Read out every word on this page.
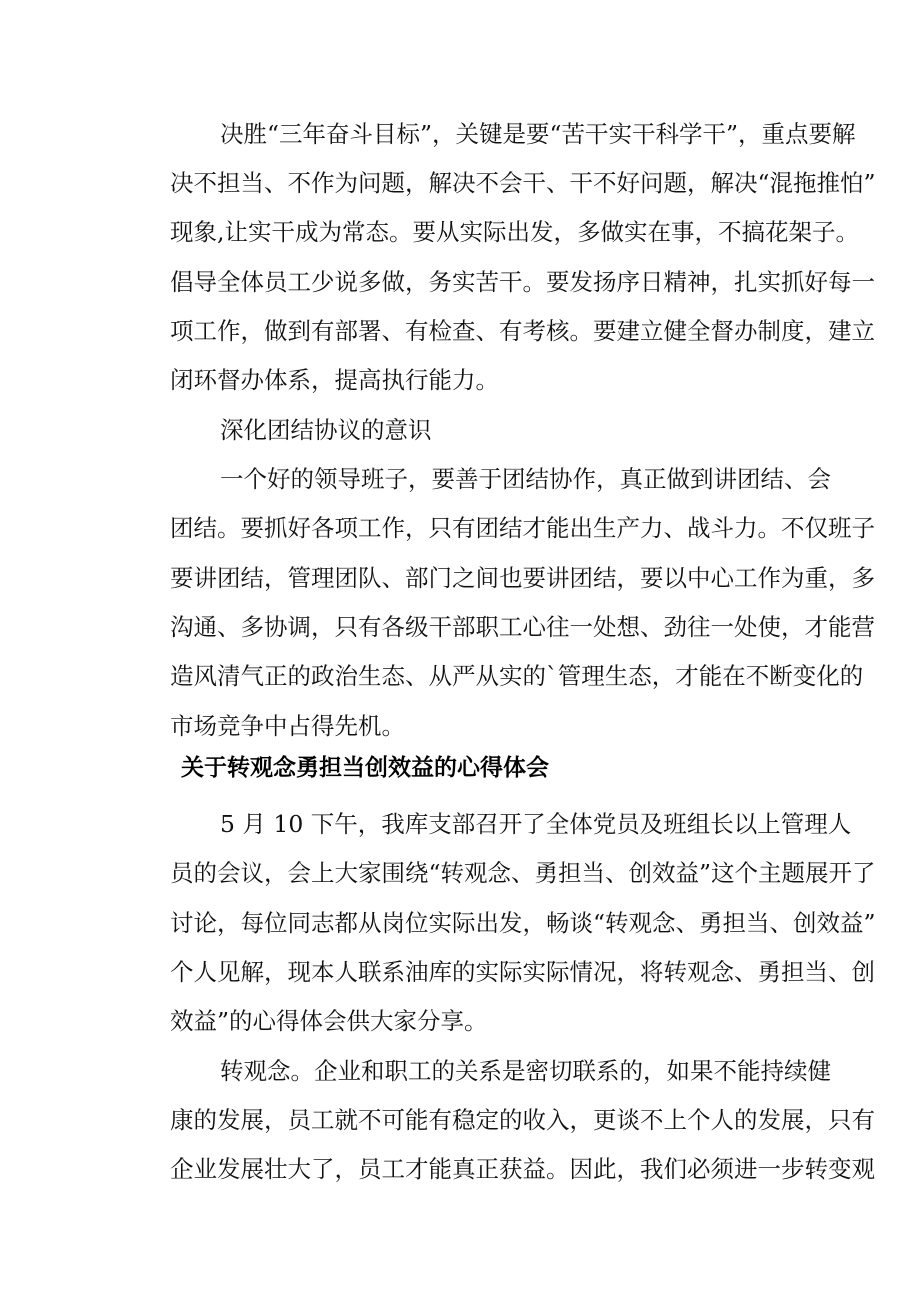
决胜“三年奋斗目标”，关键是要“苦干实干科学干”，重点要解
决不担当、不作为问题，解决不会干、干不好问题，解决“混拖推怕”
现象,让实干成为常态。要从实际出发，多做实在事，不搞花架子。
倡导全体员工少说多做，务实苦干。要发扬序日精神，扎实抓好每一
项工作，做到有部署、有检查、有考核。要建立健全督办制度，建立
闭环督办体系，提高执行能力。
深化团结协议的意识
一个好的领导班子，要善于团结协作，真正做到讲团结、会
团结。要抓好各项工作，只有团结才能出生产力、战斗力。不仅班子
要讲团结，管理团队、部门之间也要讲团结，要以中心工作为重，多
沟通、多协调，只有各级干部职工心往一处想、劲往一处使，才能营
造风清气正的政治生态、从严从实的`管理生态，才能在不断变化的
市场竞争中占得先机。
关于转观念勇担当创效益的心得体会
5 月 10 下午，我库支部召开了全体党员及班组长以上管理人
员的会议，会上大家围绕“转观念、勇担当、创效益”这个主题展开了
讨论，每位同志都从岗位实际出发，畅谈“转观念、勇担当、创效益”
个人见解，现本人联系油库的实际实际情况，将转观念、勇担当、创
效益”的心得体会供大家分享。
转观念。企业和职工的关系是密切联系的，如果不能持续健
康的发展，员工就不可能有稳定的收入，更谈不上个人的发展，只有
企业发展壮大了，员工才能真正获益。因此，我们必须进一步转变观
